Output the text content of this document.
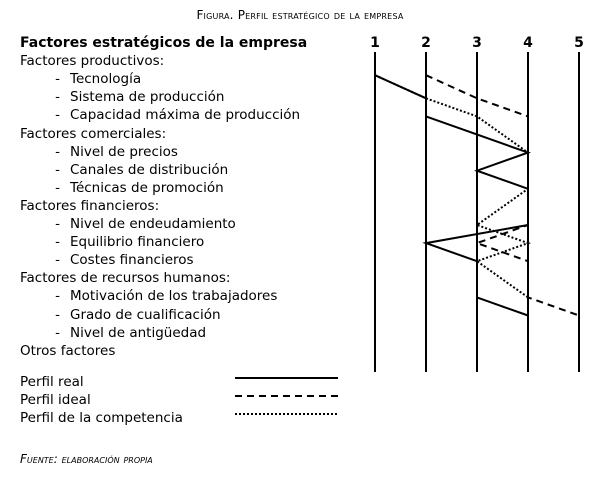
Figura. Perfil estratégico de la empresa
Factores estratégicos de la empresa
Factores productivos:
- Tecnología
- Sistema de producción
- Capacidad máxima de producción
Factores comerciales:
- Nivel de precios
- Canales de distribución
- Técnicas de promoción
Factores financieros:
- Nivel de endeudamiento
- Equilibrio financiero
- Costes financieros
Factores de recursos humanos:
- Motivación de los trabajadores
- Grado de cualificación
- Nivel de antigüedad
Otros factores
1	2	3	4	5
Perfil real
Perfil ideal
Perfil de la competencia
Fuente: elaboración propia
